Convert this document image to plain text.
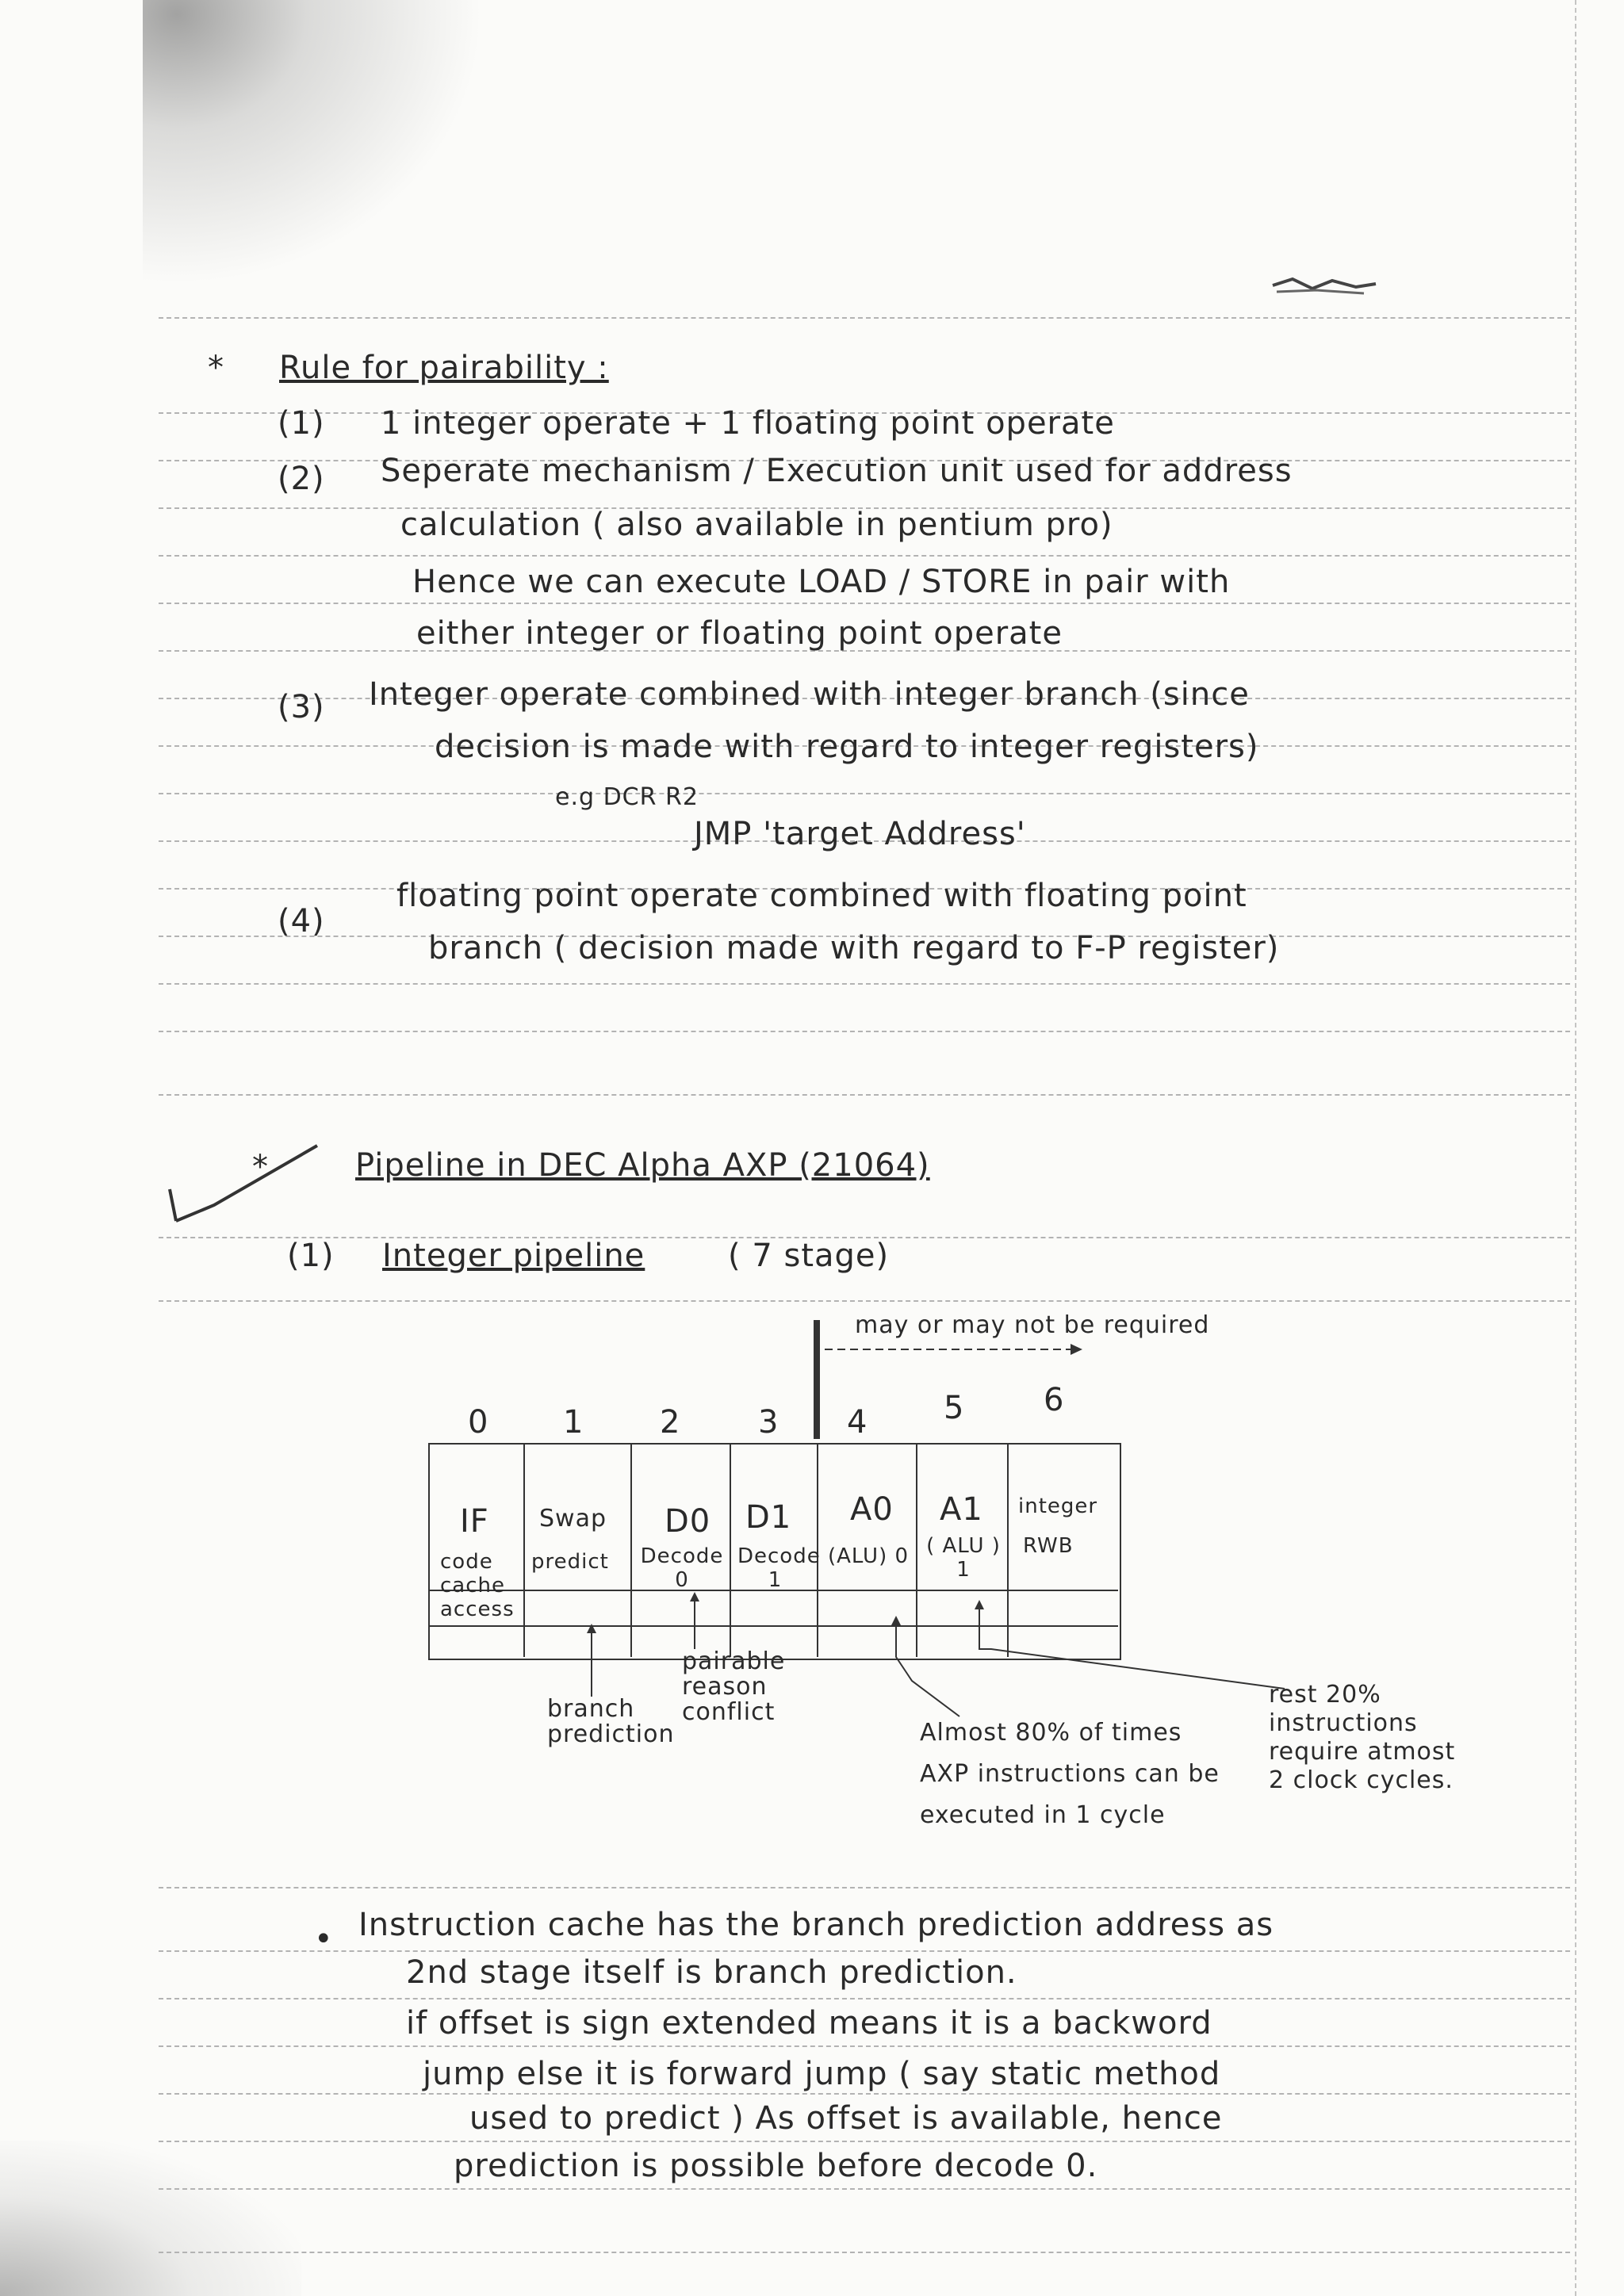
* Rule for pairability :
(1) 1 integer operate + 1 floating point operate
(2) Seperate mechanism / Execution unit used for address
calculation ( also available in pentium pro)
Hence we can execute LOAD / STORE in pair with
either integer or floating point operate
(3) Integer operate combined with integer branch (since
decision is made with regard to integer registers)
e.g DCR R2
JMP 'target Address'
(4)
floating point operate combined with floating point
branch ( decision made with regard to F-P register)
*	Pipeline in DEC Alpha AXP (21064)
(1) Integer pipeline	( 7 stage)
may or may not be required
0 1 2 3 4 5 6
IF Swap D0 D1 A0 A1 integer
code cache access
predict Decode 0
Decode 1
(ALU) 0 ( ALU ) 1
RWB
branch prediction
pairable reason conflict
Almost 80% of times AXP instructions can be executed in 1 cycle
rest 20% instructions require atmost 2 clock cycles.
• Instruction cache has the branch prediction address as
2nd stage itself is branch prediction.
if offset is sign extended means it is a backword
jump else it is forward jump ( say static method
used to predict ) As offset is available, hence
prediction is possible before decode 0.
